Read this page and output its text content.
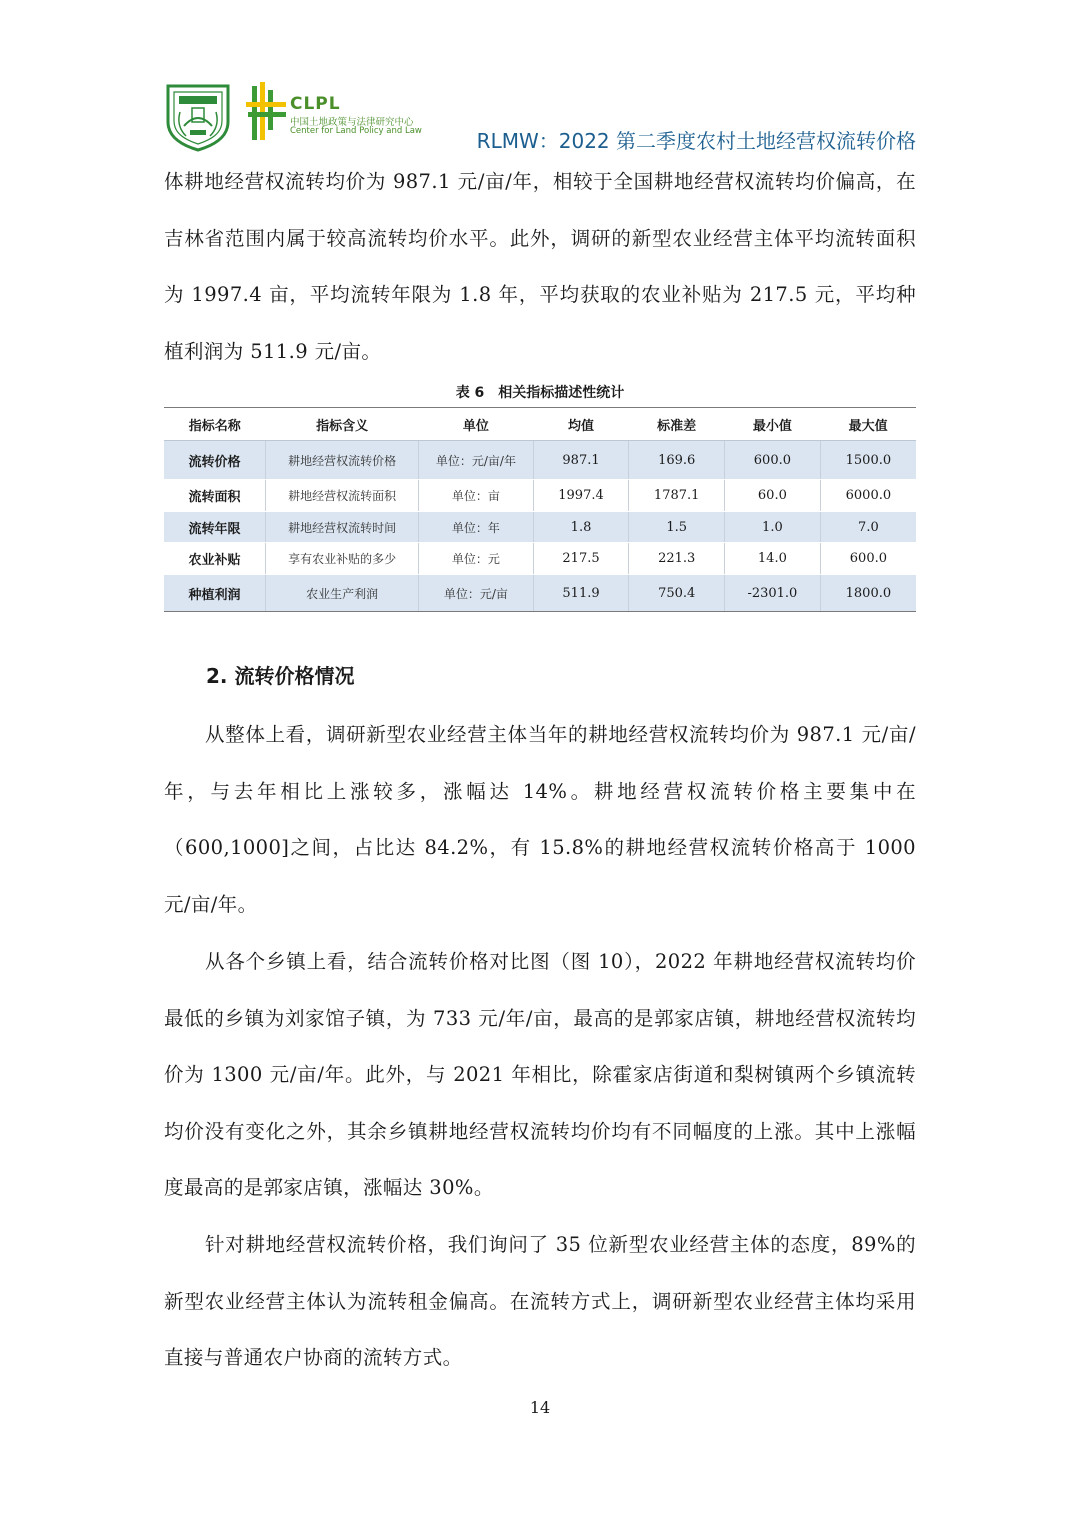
CLPL
中国土地政策与法律研究中心
Center for Land Policy and Law	RLMW：2022 第二季度农村土地经营权流转价格

体耕地经营权流转均价为 987.1 元/亩/年，相较于全国耕地经营权流转均价偏高，在吉林省范围内属于较高流转均价水平。此外，调研的新型农业经营主体平均流转面积为 1997.4 亩，平均流转年限为 1.8 年，平均获取的农业补贴为 217.5 元，平均种植利润为 511.9 元/亩。

表 6　相关指标描述性统计
指标名称	指标含义	单位	均值	标准差	最小值	最大值
流转价格	耕地经营权流转价格	单位：元/亩/年	987.1	169.6	600.0	1500.0
流转面积	耕地经营权流转面积	单位：亩	1997.4	1787.1	60.0	6000.0
流转年限	耕地经营权流转时间	单位：年	1.8	1.5	1.0	7.0
农业补贴	享有农业补贴的多少	单位：元	217.5	221.3	14.0	600.0
种植利润	农业生产利润	单位：元/亩	511.9	750.4	-2301.0	1800.0
2. 流转价格情况

从整体上看，调研新型农业经营主体当年的耕地经营权流转均价为 987.1 元/亩/年，与去年相比上涨较多，涨幅达 14%。耕地经营权流转价格主要集中在（600,1000]之间，占比达 84.2%，有 15.8%的耕地经营权流转价格高于 1000 元/亩/年。

从各个乡镇上看，结合流转价格对比图（图 10），2022 年耕地经营权流转均价最低的乡镇为刘家馆子镇，为 733 元/年/亩，最高的是郭家店镇，耕地经营权流转均价为 1300 元/亩/年。此外，与 2021 年相比，除霍家店街道和梨树镇两个乡镇流转均价没有变化之外，其余乡镇耕地经营权流转均价均有不同幅度的上涨。其中上涨幅度最高的是郭家店镇，涨幅达 30%。

针对耕地经营权流转价格，我们询问了 35 位新型农业经营主体的态度，89%的新型农业经营主体认为流转租金偏高。在流转方式上，调研新型农业经营主体均采用直接与普通农户协商的流转方式。

14
